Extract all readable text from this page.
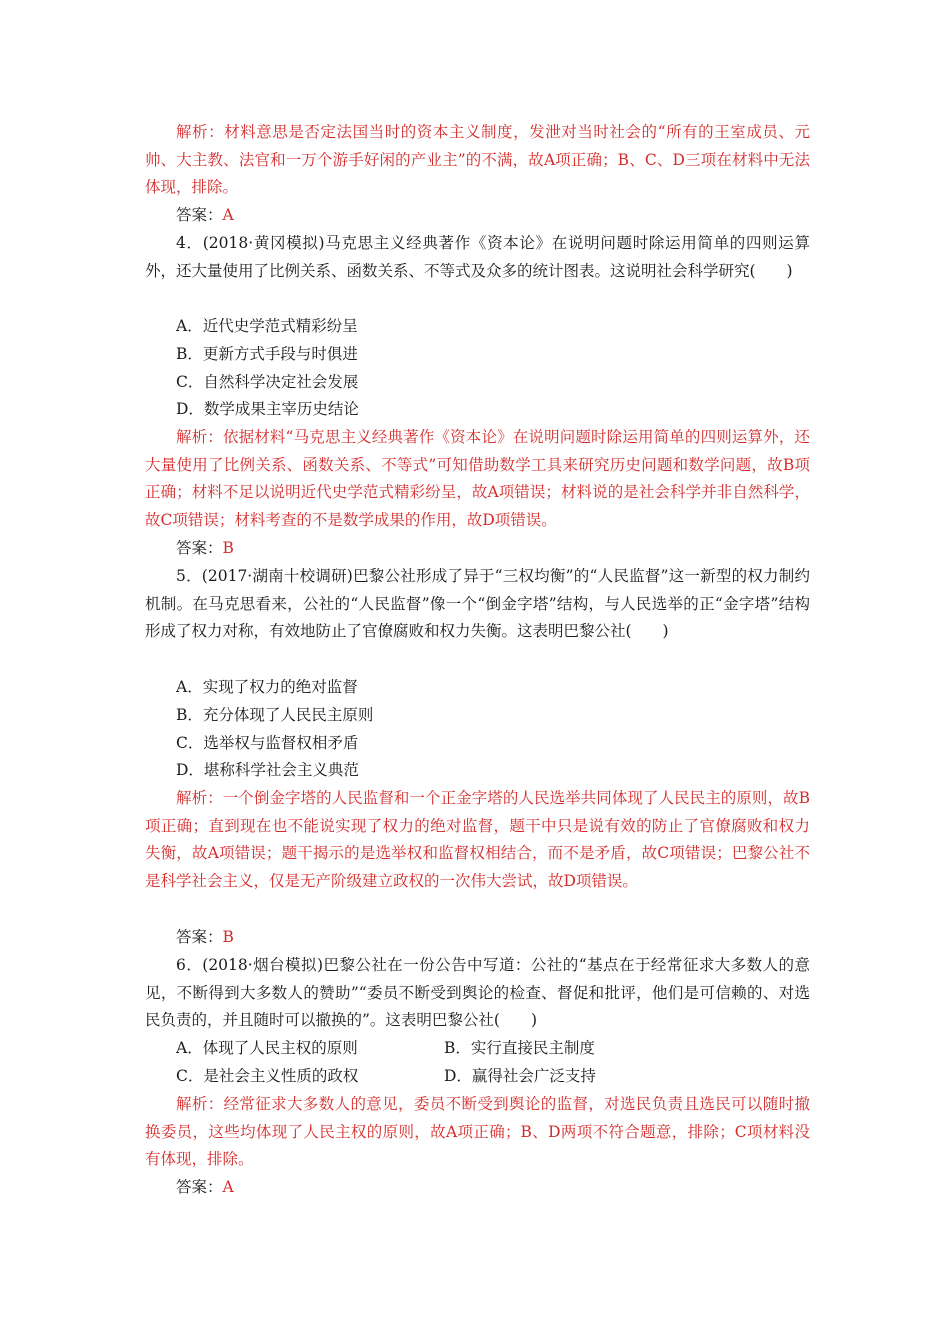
解析：材料意思是否定法国当时的资本主义制度，发泄对当时社会的“所有的王室成员、元帅、大主教、法官和一万个游手好闲的产业主”的不满，故A项正确；B、C、D三项在材料中无法体现，排除。
答案：A
4．(2018·黄冈模拟)马克思主义经典著作《资本论》在说明问题时除运用简单的四则运算外，还大量使用了比例关系、函数关系、不等式及众多的统计图表。这说明社会科学研究(　　)
A．近代史学范式精彩纷呈
B．更新方式手段与时俱进
C．自然科学决定社会发展
D．数学成果主宰历史结论
解析：依据材料“马克思主义经典著作《资本论》在说明问题时除运用简单的四则运算外，还大量使用了比例关系、函数关系、不等式”可知借助数学工具来研究历史问题和数学问题，故B项正确；材料不足以说明近代史学范式精彩纷呈，故A项错误；材料说的是社会科学并非自然科学，故C项错误；材料考查的不是数学成果的作用，故D项错误。
答案：B
5．(2017·湖南十校调研)巴黎公社形成了异于“三权均衡”的“人民监督”这一新型的权力制约机制。在马克思看来，公社的“人民监督”像一个“倒金字塔”结构，与人民选举的正“金字塔”结构形成了权力对称，有效地防止了官僚腐败和权力失衡。这表明巴黎公社(　　)
A．实现了权力的绝对监督
B．充分体现了人民民主原则
C．选举权与监督权相矛盾
D．堪称科学社会主义典范
解析：一个倒金字塔的人民监督和一个正金字塔的人民选举共同体现了人民民主的原则，故B项正确；直到现在也不能说实现了权力的绝对监督，题干中只是说有效的防止了官僚腐败和权力失衡，故A项错误；题干揭示的是选举权和监督权相结合，而不是矛盾，故C项错误；巴黎公社不是科学社会主义，仅是无产阶级建立政权的一次伟大尝试，故D项错误。
答案：B
6．(2018·烟台模拟)巴黎公社在一份公告中写道：公社的“基点在于经常征求大多数人的意见，不断得到大多数人的赞助”“委员不断受到舆论的检查、督促和批评，他们是可信赖的、对选民负责的，并且随时可以撤换的”。这表明巴黎公社(　　)
A．体现了人民主权的原则	B．实行直接民主制度
C．是社会主义性质的政权	D．赢得社会广泛支持
解析：经常征求大多数人的意见，委员不断受到舆论的监督，对选民负责且选民可以随时撤换委员，这些均体现了人民主权的原则，故A项正确；B、D两项不符合题意，排除；C项材料没有体现，排除。
答案：A
